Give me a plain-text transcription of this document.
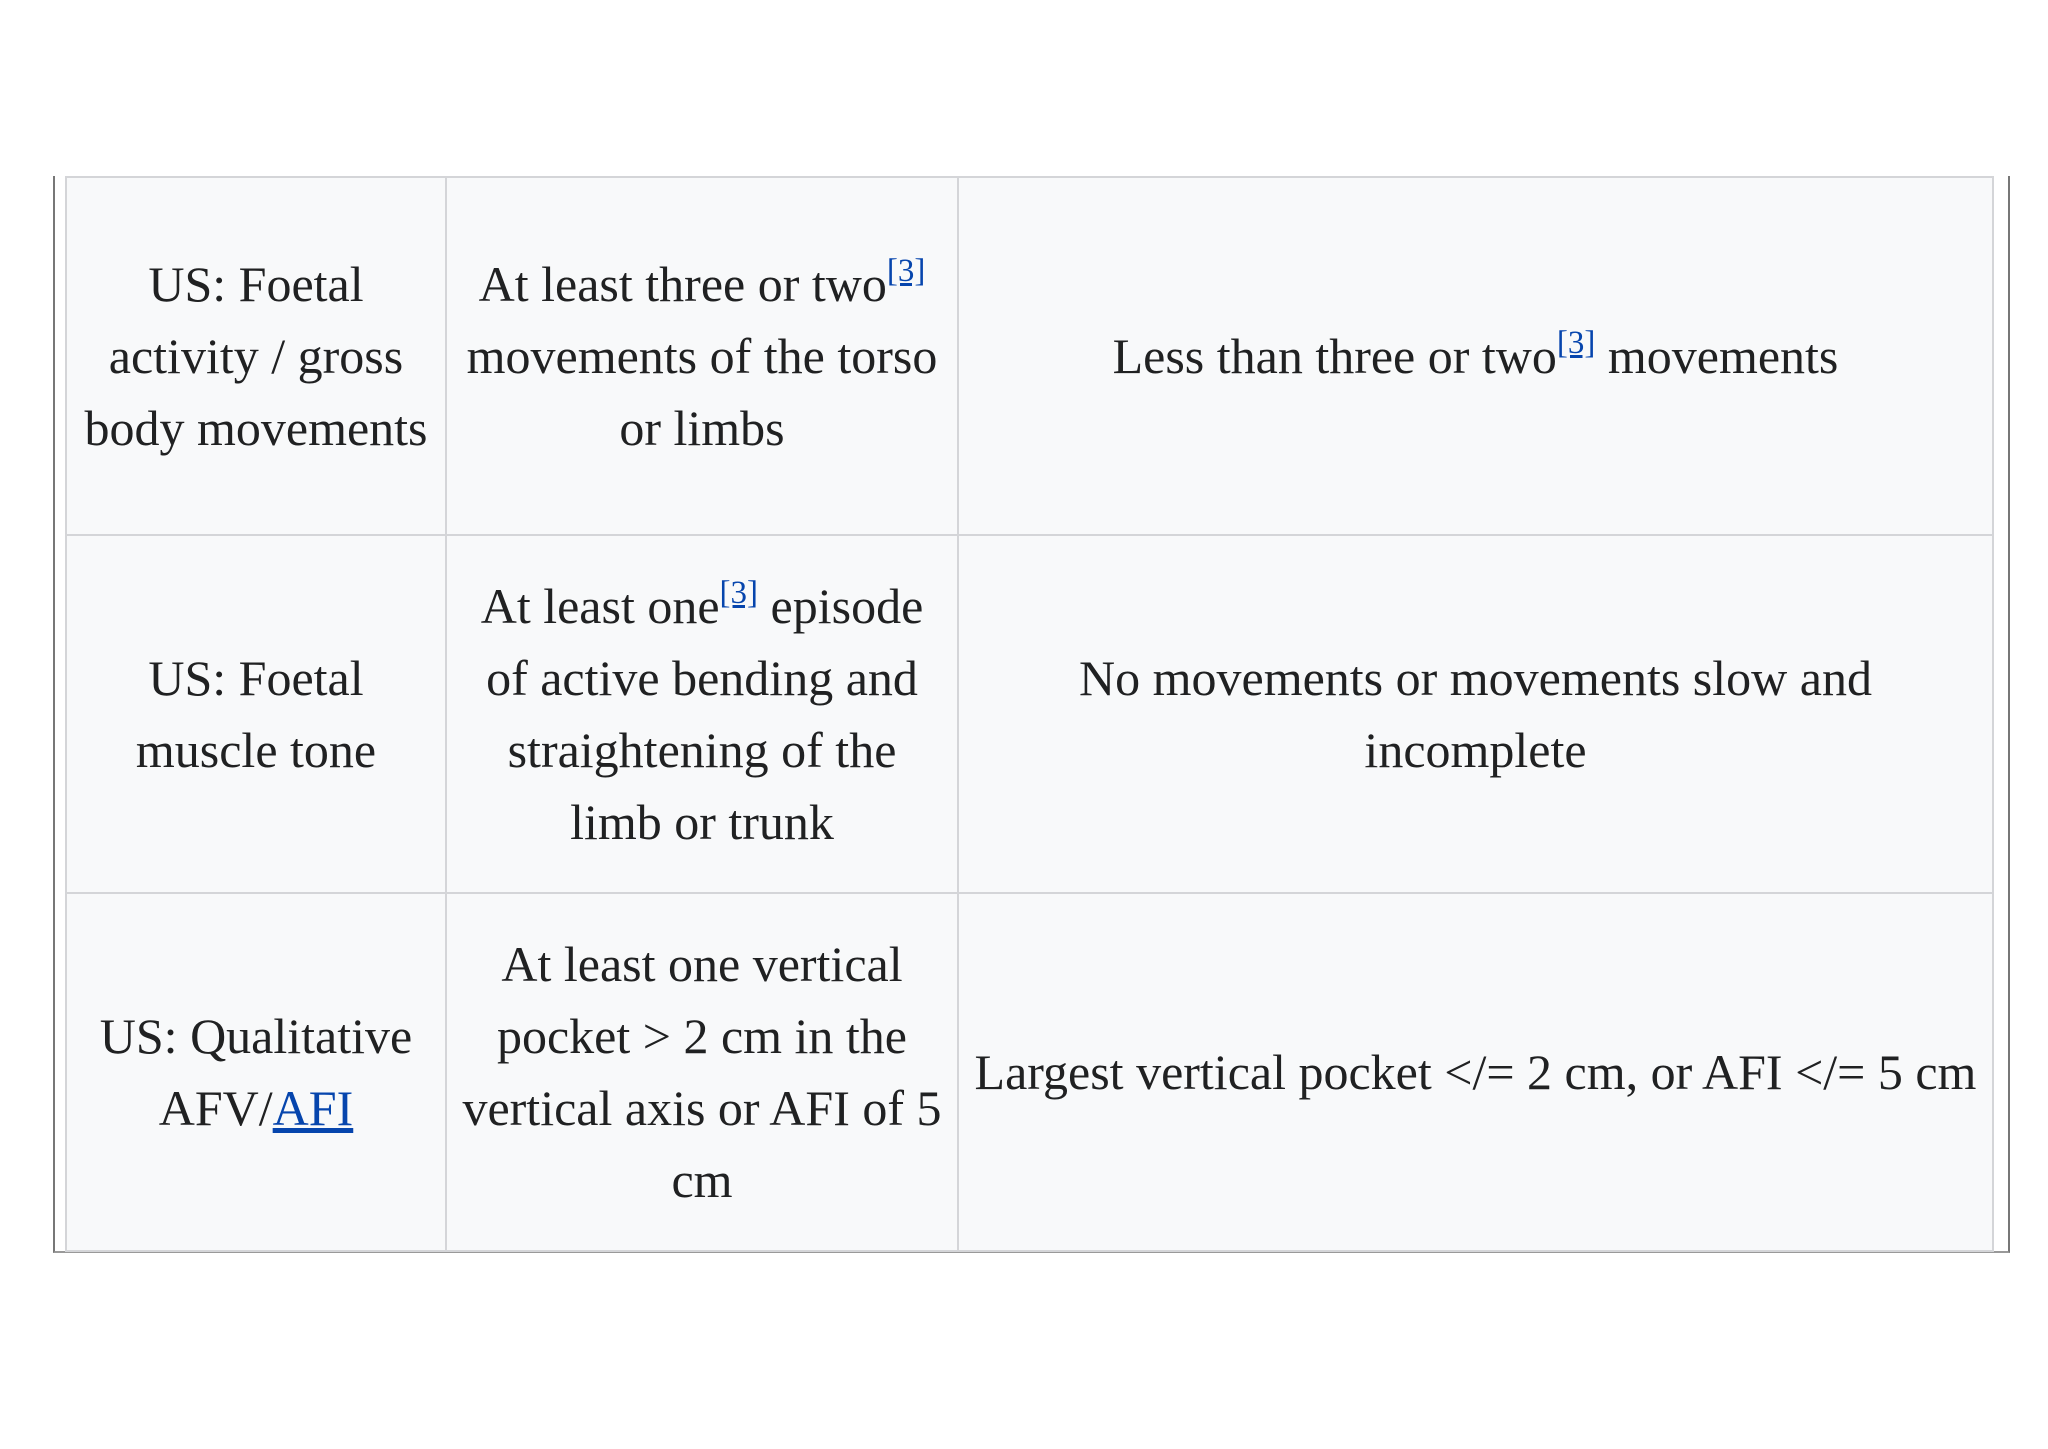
US: Foetal activity / gross body movements	At least three or two[3] movements of the torso or limbs	Less than three or two[3] movements
US: Foetal muscle tone	At least one[3] episode of active bending and straightening of the limb or trunk	No movements or movements slow and incomplete
US: Qualitative AFV/AFI	At least one vertical pocket > 2 cm in the vertical axis or AFI of 5 cm	Largest vertical pocket </= 2 cm, or AFI </= 5 cm
